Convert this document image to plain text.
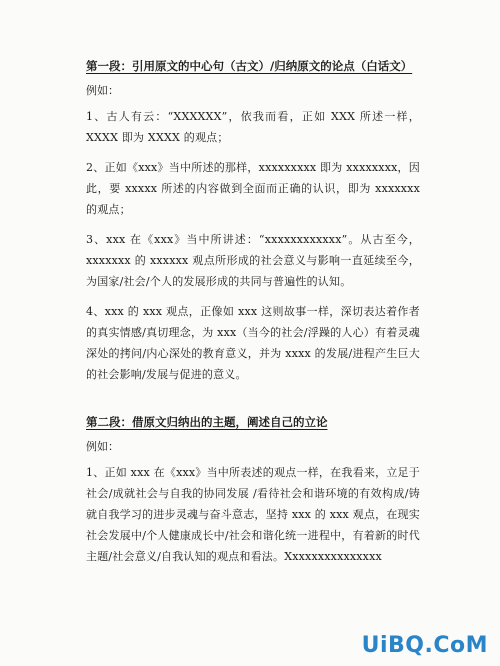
第一段：引用原文的中心句（古文）/归纳原文的论点（白话文）

例如：

1、古人有云：“XXXXXX”，依我而看，正如 XXX 所述一样，XXXX 即为 XXXX 的观点；

2、正如《xxx》当中所述的那样，xxxxxxxxx 即为 xxxxxxxx，因此，要 xxxxx 所述的内容做到全面而正确的认识，即为 xxxxxxx 的观点；

3、xxx 在《xxx》当中所讲述：“xxxxxxxxxxxx”。从古至今，xxxxxxx 的 xxxxxx 观点所形成的社会意义与影响一直延续至今，为国家/社会/个人的发展形成的共同与普遍性的认知。

4、xxx 的 xxx 观点，正像如 xxx 这则故事一样，深切表达着作者的真实情感/真切理念，为 xxx（当今的社会/浮躁的人心）有着灵魂深处的拷问/内心深处的教育意义，并为 xxxx 的发展/进程产生巨大的社会影响/发展与促进的意义。

第二段：借原文归纳出的主题，阐述自己的立论

例如：

1、正如 xxx 在《xxx》当中所表述的观点一样，在我看来，立足于社会/成就社会与自我的协同发展 /看待社会和谐环境的有效构成/铸就自我学习的进步灵魂与奋斗意志，坚持 xxx 的 xxx 观点，在现实社会发展中/个人健康成长中/社会和谐化统一进程中，有着新的时代主题/社会意义/自我认知的观点和看法。Xxxxxxxxxxxxxxx

UiBQ.CoM
